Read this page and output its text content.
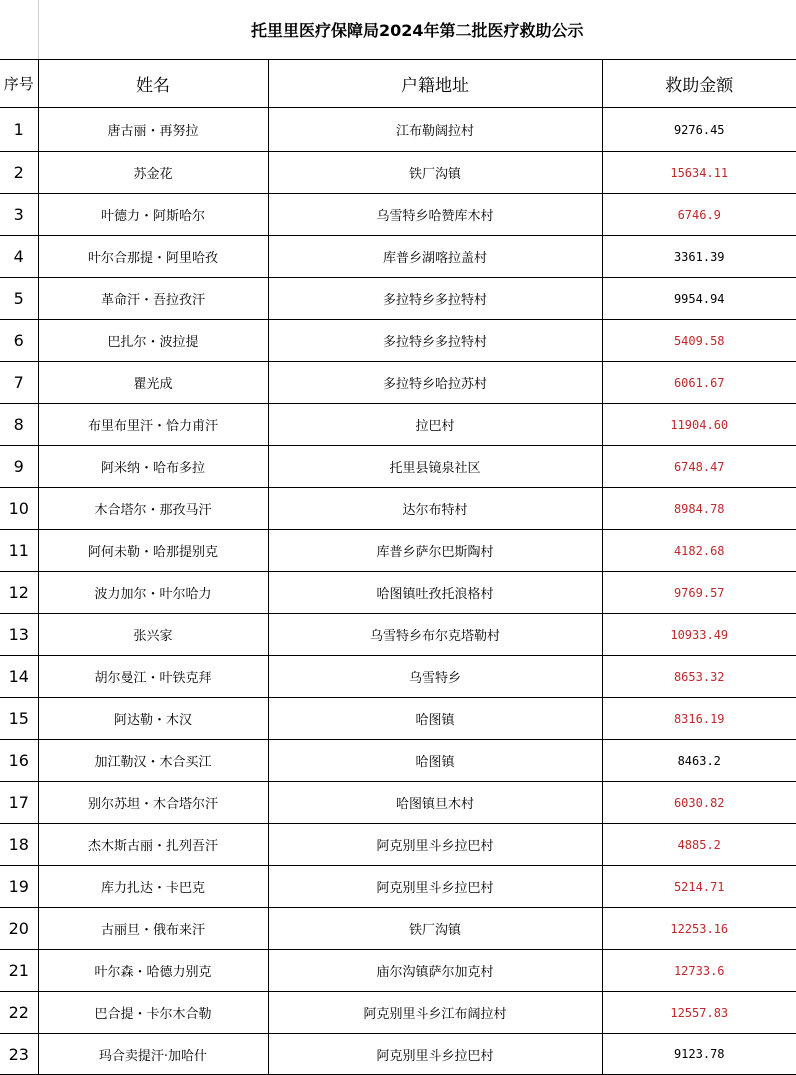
	托里里医疗保障局2024年第二批医疗救助公示		
序号	姓名	户籍地址	救助金额
1	唐古丽・再努拉	江布勒阔拉村	9276.45
2	苏金花	铁厂沟镇	15634.11
3	叶德力・阿斯哈尔	乌雪特乡哈赞库木村	6746.9
4	叶尔合那提・阿里哈孜	库普乡湖喀拉盖村	3361.39
5	革命汗・吾拉孜汗	多拉特乡多拉特村	9954.94
6	巴扎尔・波拉提	多拉特乡多拉特村	5409.58
7	瞿光成	多拉特乡哈拉苏村	6061.67
8	布里布里汗・恰力甫汗	拉巴村	11904.60
9	阿米纳・哈布多拉	托里县镜泉社区	6748.47
10	木合塔尔・那孜马汗	达尔布特村	8984.78
11	阿何未勒・哈那提别克	库普乡萨尔巴斯陶村	4182.68
12	波力加尔・叶尔哈力	哈图镇吐孜托浪格村	9769.57
13	张兴家	乌雪特乡布尔克塔勒村	10933.49
14	胡尔曼江・叶铁克拜	乌雪特乡	8653.32
15	阿达勒・木汉	哈图镇	8316.19
16	加江勒汉・木合买江	哈图镇	8463.2
17	别尔苏坦・木合塔尔汗	哈图镇旦木村	6030.82
18	杰木斯古丽・扎列吾汗	阿克别里斗乡拉巴村	4885.2
19	库力扎达・卡巴克	阿克别里斗乡拉巴村	5214.71
20	古丽旦・俄布来汗	铁厂沟镇	12253.16
21	叶尔森・哈德力别克	庙尔沟镇萨尔加克村	12733.6
22	巴合提・卡尔木合勒	阿克别里斗乡江布阔拉村	12557.83
23	玛合卖提汗·加哈什	阿克别里斗乡拉巴村	9123.78
